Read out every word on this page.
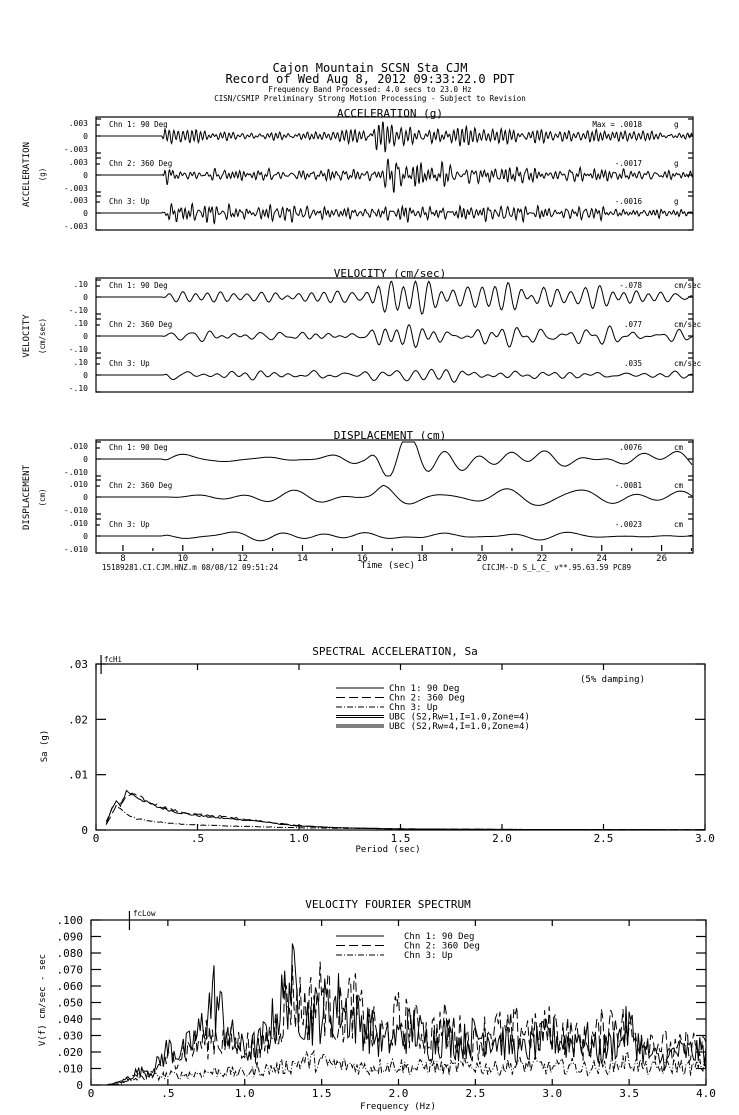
Cajon Mountain SCSN Sta CJM
Record of Wed Aug 8, 2012 09:33:22.0 PDT
Frequency Band Processed: 4.0 secs to 23.0 Hz
CISN/CSMIP Preliminary Strong Motion Processing - Subject to Revision
ACCELERATION (g)
ACCELERATION (g)
.003
0
-.003
Chn 1: 90 Deg	Max = .0018	g
.003
0
-.003
Chn 2: 360 Deg	-.0017	g
.003
0
-.003
Chn 3: Up	-.0016	g
VELOCITY (cm/sec)
VELOCITY (cm/sec)
.10
0
-.10
Chn 1: 90 Deg	-.078	cm/sec
.10
0
-.10
Chn 2: 360 Deg	.077	cm/sec
.10
0
-.10
Chn 3: Up	.035	cm/sec
DISPLACEMENT (cm)
DISPLACEMENT (cm)
.010
0
-.010
Chn 1: 90 Deg	.0076	cm
.010
0
-.010
Chn 2: 360 Deg	-.0081	cm
.010
0
-.010
Chn 3: Up	-.0023	cm
8	10	12	14	16	18	20	22	24	26
Time (sec)
15189281.CI.CJM.HNZ.m 08/08/12 09:51:24	CICJM--D S_L_C_ v**.95.63.59 PC89
SPECTRAL ACCELERATION, Sa
Sa (g)
Period (sec)
(5% damping)
fcHi
0	.5	1.0	1.5	2.0	2.5	3.0
.03
.02
.01
0
Chn 1: 90 Deg
Chn 2: 360 Deg
Chn 3: Up
UBC (S2,Rw=1,I=1.0,Zone=4)
UBC (S2,Rw=4,I=1.0,Zone=4)
VELOCITY FOURIER SPECTRUM
V(f) cm/sec - sec
Frequency (Hz)
fcLow
0	.5	1.0	1.5	2.0	2.5	3.0	3.5	4.0
.100
.090
.080
.070
.060
.050
.040
.030
.020
.010
0
Chn 1: 90 Deg
Chn 2: 360 Deg
Chn 3: Up
